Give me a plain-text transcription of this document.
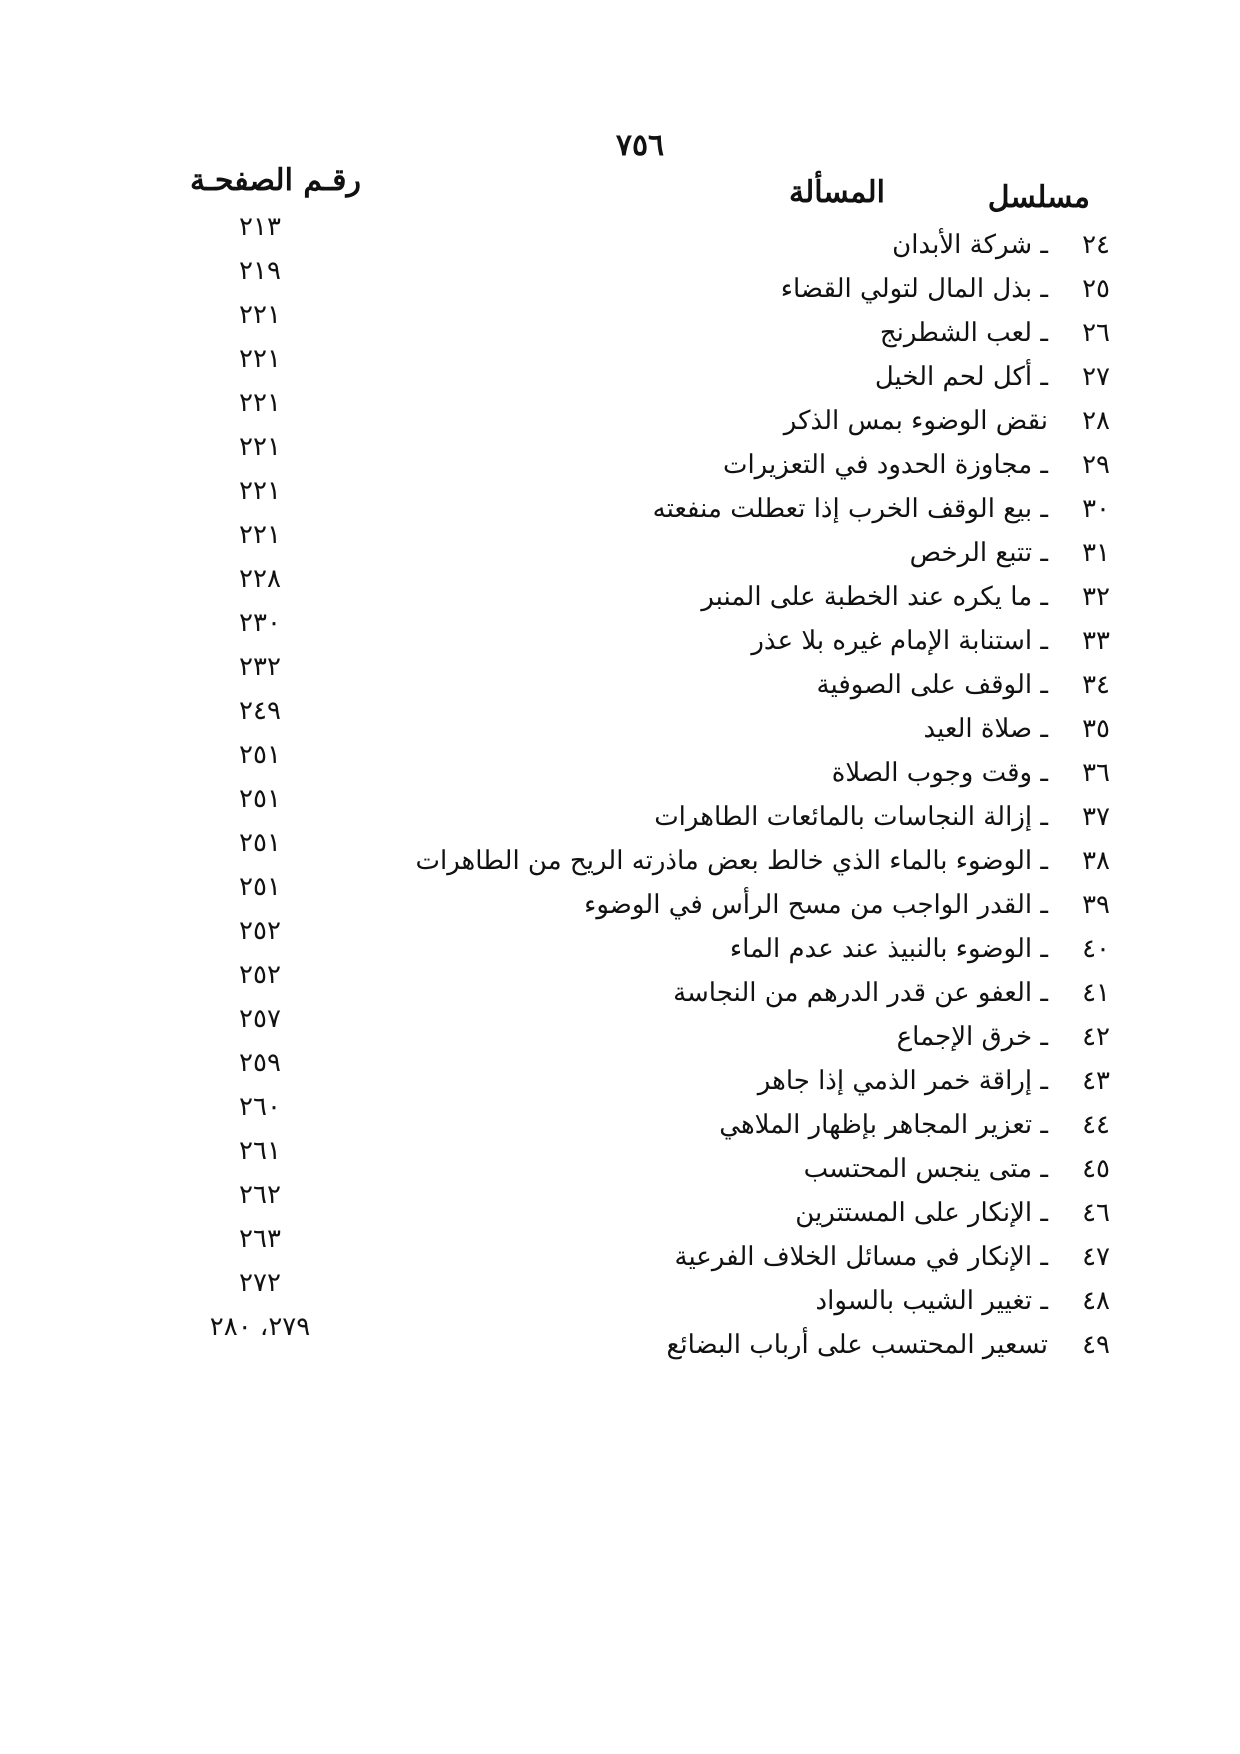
٧٥٦
مسلسل
المسألة
رقـم الصفحـة
٢٤
ـ شركة الأبدان
٢١٣
٢٥
ـ بذل المال لتولي القضاء
٢١٩
٢٦
ـ لعب الشطرنج
٢٢١
٢٧
ـ أكل لحم الخيل
٢٢١
٢٨
نقض الوضوء بمس الذكر
٢٢١
٢٩
ـ مجاوزة الحدود في التعزيرات
٢٢١
٣٠
ـ بيع الوقف الخرب إذا تعطلت منفعته
٢٢١
٣١
ـ تتبع الرخص
٢٢١
٣٢
ـ ما يكره عند الخطبة على المنبر
٢٢٨
٣٣
ـ استنابة الإمام غيره بلا عذر
٢٣٠
٣٤
ـ الوقف على الصوفية
٢٣٢
٣٥
ـ صلاة العيد
٢٤٩
٣٦
ـ وقت وجوب الصلاة
٢٥١
٣٧
ـ إزالة النجاسات بالمائعات الطاهرات
٢٥١
٣٨
ـ الوضوء بالماء الذي خالط بعض ماذرته الريح من الطاهرات
٢٥١
٣٩
ـ القدر الواجب من مسح الرأس في الوضوء
٢٥١
٤٠
ـ الوضوء بالنبيذ عند عدم الماء
٢٥٢
٤١
ـ العفو عن قدر الدرهم من النجاسة
٢٥٢
٤٢
ـ خرق الإجماع
٢٥٧
٤٣
ـ إراقة خمر الذمي إذا جاهر
٢٥٩
٤٤
ـ تعزير المجاهر بإظهار الملاهي
٢٦٠
٤٥
ـ متى ينجس المحتسب
٢٦١
٤٦
ـ الإنكار على المستترين
٢٦٢
٤٧
ـ الإنكار في مسائل الخلاف الفرعية
٢٦٣
٤٨
ـ تغيير الشيب بالسواد
٢٧٢
٤٩
تسعير المحتسب على أرباب البضائع
٢٧٩، ٢٨٠
